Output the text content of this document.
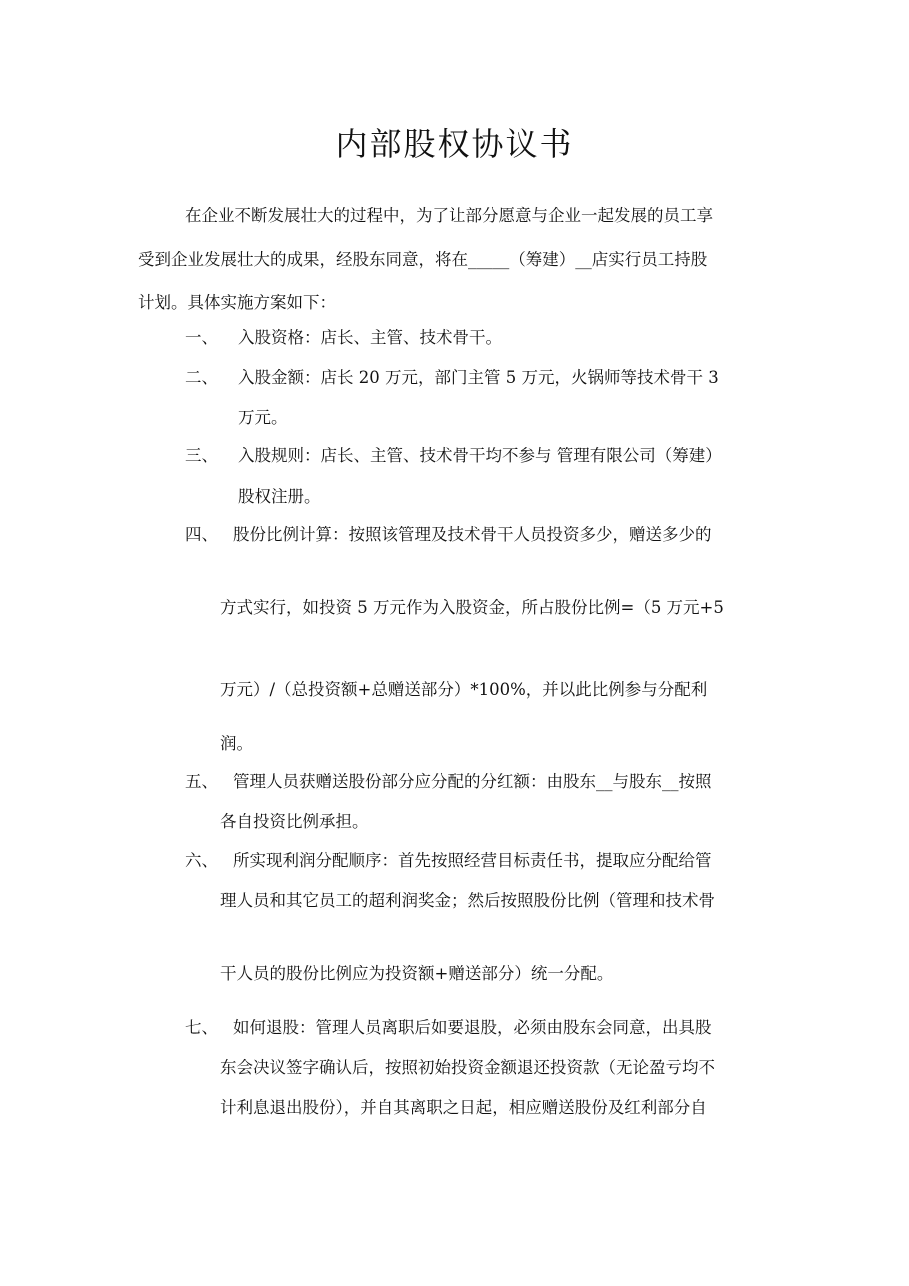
内部股权协议书
在企业不断发展壮大的过程中，为了让部分愿意与企业一起发展的员工享
受到企业发展壮大的成果，经股东同意，将在_____（筹建）__店实行员工持股
计划。具体实施方案如下：
一、 入股资格：店长、主管、技术骨干。
二、 入股金额：店长 20 万元，部门主管 5 万元，火锅师等技术骨干 3
万元。
三、 入股规则：店长、主管、技术骨干均不参与 管理有限公司（筹建）
股权注册。
四、 股份比例计算：按照该管理及技术骨干人员投资多少，赠送多少的
方式实行，如投资 5 万元作为入股资金，所占股份比例=（5 万元+5
万元）/（总投资额+总赠送部分）*100%，并以此比例参与分配利
润。
五、 管理人员获赠送股份部分应分配的分红额：由股东__与股东__按照
各自投资比例承担。
六、 所实现利润分配顺序：首先按照经营目标责任书，提取应分配给管
理人员和其它员工的超利润奖金；然后按照股份比例（管理和技术骨
干人员的股份比例应为投资额+赠送部分）统一分配。
七、 如何退股：管理人员离职后如要退股，必须由股东会同意，出具股
东会决议签字确认后，按照初始投资金额退还投资款（无论盈亏均不
计利息退出股份），并自其离职之日起，相应赠送股份及红利部分自
